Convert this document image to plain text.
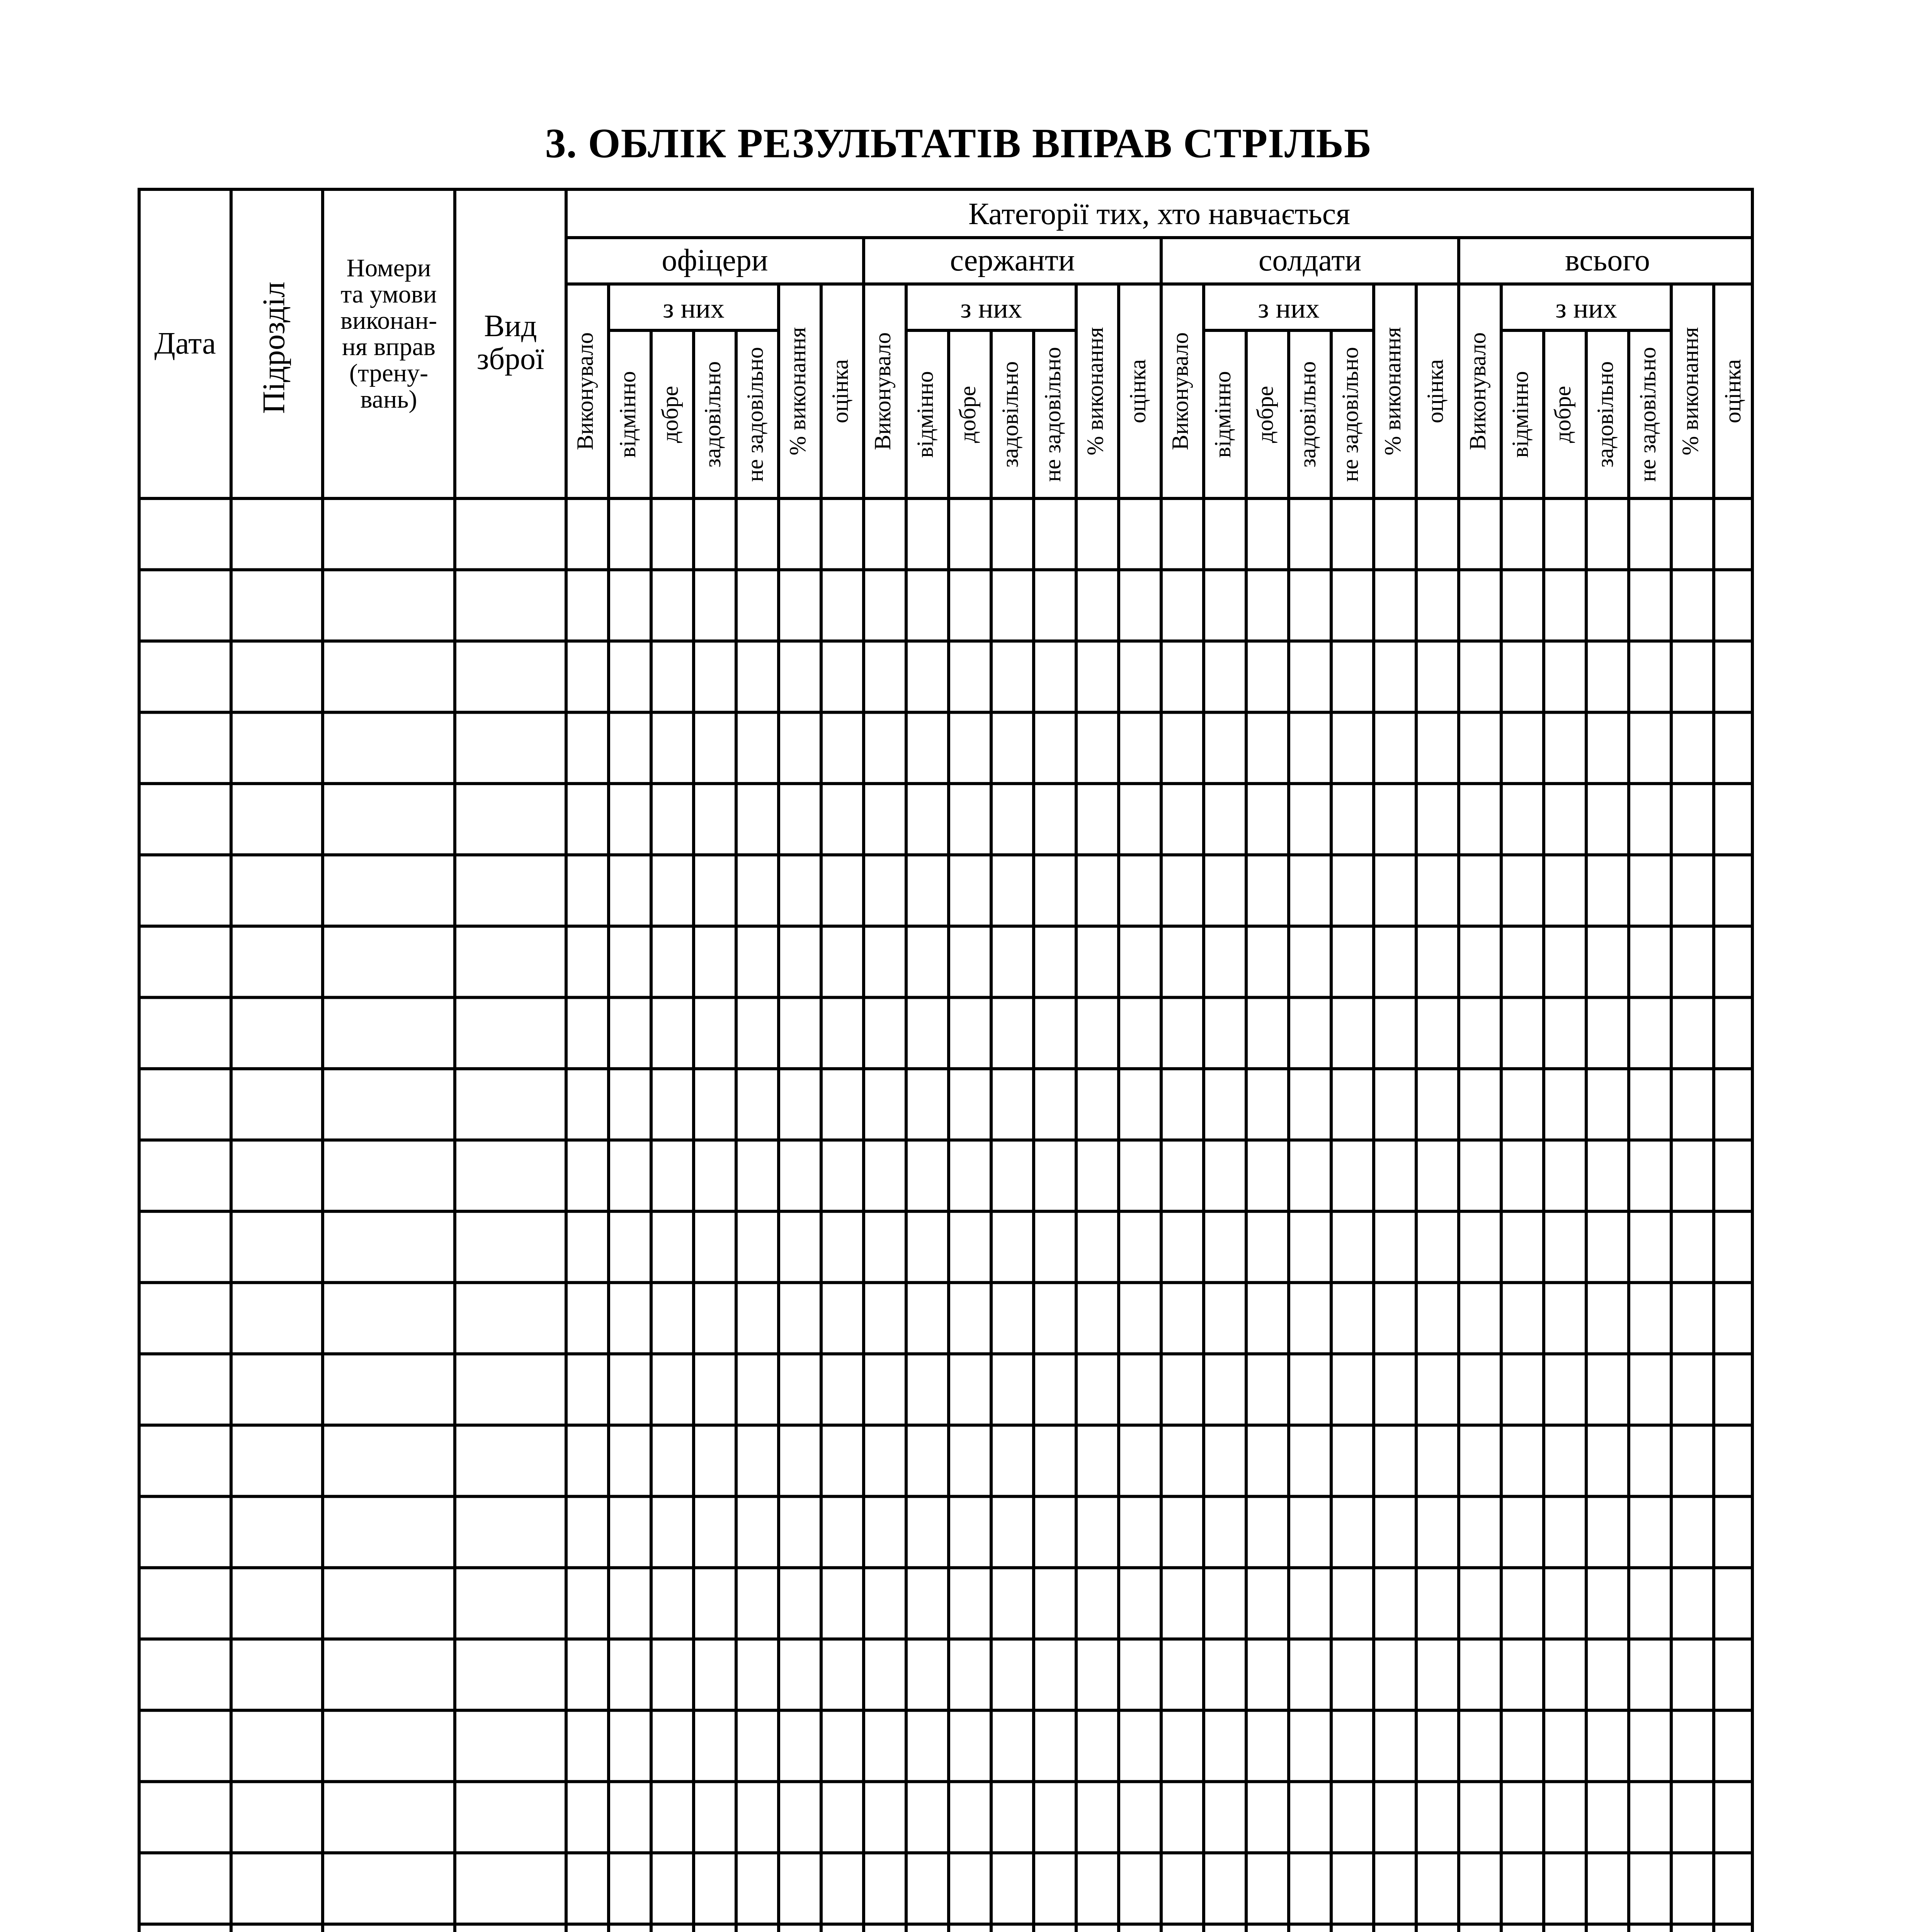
3. ОБЛІК РЕЗУЛЬТАТІВ ВПРАВ СТРІЛЬБ
Дата Підрозділ
Номери
та умови
виконан-
ня вправ
(трену-
вань)
Вид
зброї
Категорії тих, хто навчається
офіцери
з них
Виконувало відмінно добре задовільно не задовільно % виконання оцінка
сержанти
з них
Виконувало відмінно добре задовільно не задовільно % виконання оцінка
солдати
з них
Виконувало відмінно добре задовільно не задовільно % виконання оцінка
всього
з них
Виконувало відмінно добре задовільно не задовільно % виконання оцінка
